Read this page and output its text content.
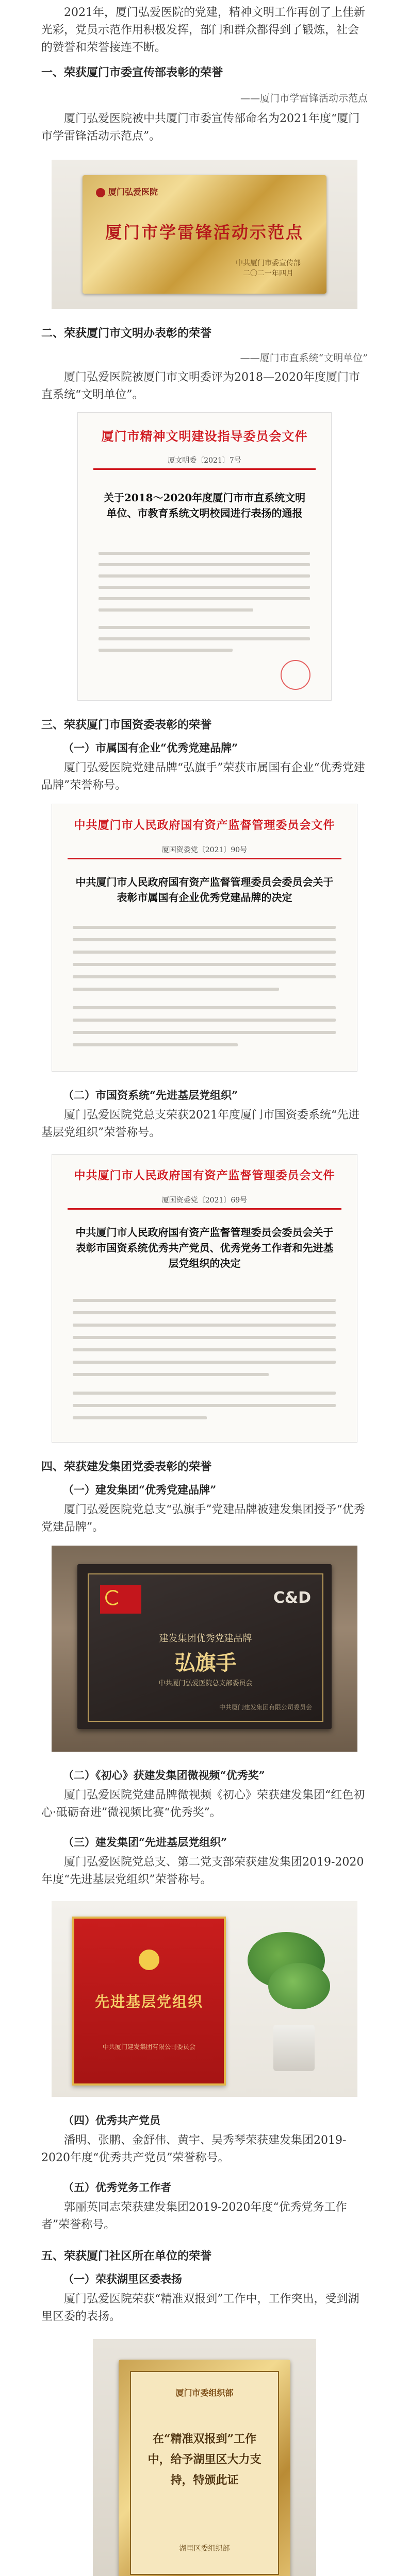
2021年，厦门弘爱医院的党建，精神文明工作再创了上佳新光彩，党员示范作用积极发挥，部门和群众都得到了锻炼，社会的赞誉和荣誉接连不断。

一、荣获厦门市委宣传部表彰的荣誉

——厦门市学雷锋活动示范点

厦门弘爱医院被中共厦门市委宣传部命名为2021年度“厦门市学雷锋活动示范点”。

厦门弘爱医院
厦门市学雷锋活动示范点
中共厦门市委宣传部
二〇二一年四月

二、荣获厦门市文明办表彰的荣誉

——厦门市直系统“文明单位”

厦门弘爱医院被厦门市文明委评为2018—2020年度厦门市直系统“文明单位”。

厦门市精神文明建设指导委员会文件
厦文明委〔2021〕7号
关于2018～2020年度厦门市市直系统文明单位、市教育系统文明校园进行表扬的通报

三、荣获厦门市国资委表彰的荣誉

（一）市属国有企业“优秀党建品牌”

厦门弘爱医院党建品牌“弘旗手”荣获市属国有企业“优秀党建品牌”荣誉称号。

中共厦门市人民政府国有资产监督管理委员会文件
厦国资委党〔2021〕90号
中共厦门市人民政府国有资产监督管理委员会委员会关于表彰市属国有企业优秀党建品牌的决定

（二）市国资系统“先进基层党组织”

厦门弘爱医院党总支荣获2021年度厦门市国资委系统“先进基层党组织”荣誉称号。

中共厦门市人民政府国有资产监督管理委员会文件
厦国资委党〔2021〕69号
中共厦门市人民政府国有资产监督管理委员会委员会关于表彰市国资系统优秀共产党员、优秀党务工作者和先进基层党组织的决定

四、荣获建发集团党委表彰的荣誉

（一）建发集团“优秀党建品牌”

厦门弘爱医院党总支“弘旗手”党建品牌被建发集团授予“优秀党建品牌”。

C&D
建发集团优秀党建品牌
弘旗手
中共厦门弘爱医院总支部委员会
中共厦门建发集团有限公司委员会

（二）《初心》获建发集团微视频“优秀奖”

厦门弘爱医院党建品牌微视频《初心》荣获建发集团“红色初心·砥砺奋进”微视频比赛“优秀奖”。

（三）建发集团“先进基层党组织”

厦门弘爱医院党总支、第二党支部荣获建发集团2019-2020年度“先进基层党组织”荣誉称号。

先进基层党组织
中共厦门建发集团有限公司委员会

（四）优秀共产党员

潘明、张鹏、金舒伟、黄宇、吴秀琴荣获建发集团2019-2020年度“优秀共产党员”荣誉称号。

（五）优秀党务工作者

郭丽英同志荣获建发集团2019-2020年度“优秀党务工作者”荣誉称号。

五、荣获厦门社区所在单位的荣誉

（一）荣获湖里区委表扬

厦门弘爱医院荣获“精准双报到”工作中，工作突出，受到湖里区委的表扬。

厦门市委组织部
在“精准双报到”工作中，给予湖里区大力支持，特颁此证
湖里区委组织部
